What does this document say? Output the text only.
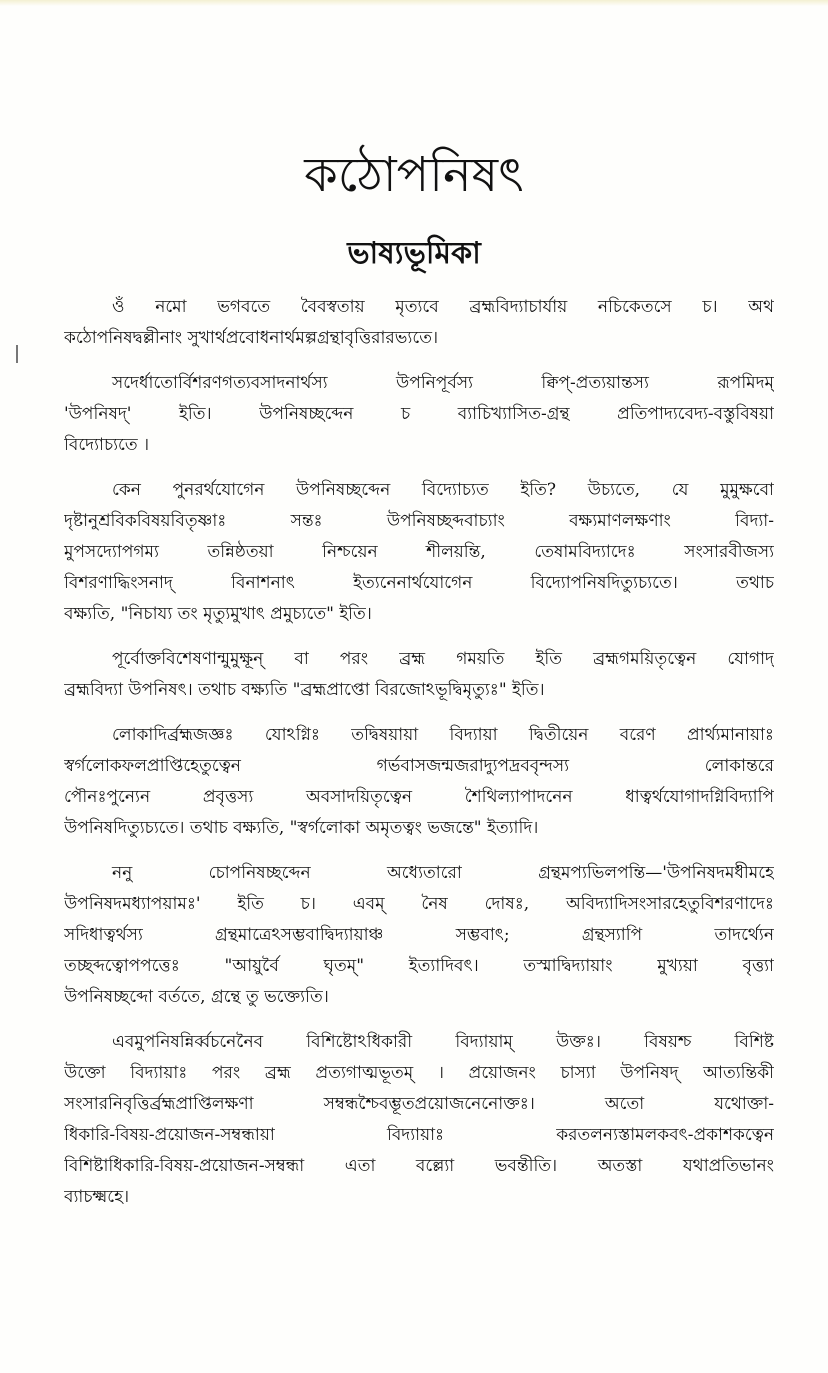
কঠোপনিষৎ
ভাষ্যভূমিকা

ওঁ নমো ভগবতে বৈবস্বতায় মৃত্যবে ব্রহ্মবিদ্যাচার্যায় নচিকেতসে চ। অথ
কঠোপনিষদ্বল্লীনাং সুখার্থপ্রবোধনার্থমল্পগ্রন্থাবৃত্তিরারভ্যতে।

সদের্ধাতোর্বিশরণগত্যবসাদনার্থস্য উপনিপূর্বস্য ক্বিপ্‌-প্রত্যয়ান্তস্য রূপমিদম্‌
'উপনিষদ্‌' ইতি। উপনিষচ্ছব্দেন চ ব্যাচিখ্যাসিত-গ্রন্থ প্রতিপাদ্যবেদ্য-বস্তুবিষয়া
বিদ্যোচ্যতে ।

কেন পুনরর্থযোগেন উপনিষচ্ছব্দেন বিদ্যোচ্যত ইতি? উচ্যতে, যে মুমুক্ষবো
দৃষ্টানুশ্রবিকবিষয়বিতৃষ্ণাঃ সন্তঃ উপনিষচ্ছব্দবাচ্যাং বক্ষ্যমাণলক্ষণাং বিদ্যা-
মুপসদ্যোপগম্য তন্নিষ্ঠতয়া নিশ্চয়েন শীলয়ন্তি, তেষামবিদ্যাদেঃ সংসারবীজস্য
বিশরণাদ্ধিংসনাদ্‌ বিনাশনাৎ ইত্যনেনার্থযোগেন বিদ্যোপনিষদিত্যুচ্যতে। তথাচ
বক্ষ্যতি, "নিচায্য তং মৃত্যুমুখাৎ প্রমুচ্যতে" ইতি।

পূর্বোক্তবিশেষণান্মুমুক্ষূন্‌ বা পরং ব্রহ্ম গময়তি ইতি ব্রহ্মগময়িতৃত্বেন যোগাদ্‌
ব্রহ্মবিদ্যা উপনিষৎ। তথাচ বক্ষ্যতি "ব্রহ্মপ্রাপ্তো বিরজোঽভূদ্বিমৃত্যুঃ" ইতি।

লোকাদির্ব্রহ্মজজ্ঞঃ যোঽগ্নিঃ তদ্বিষয়ায়া বিদ্যায়া দ্বিতীয়েন বরেণ প্রার্থ্যমানায়াঃ
স্বর্গলোকফলপ্রাপ্তিহেতুত্বেন গর্ভবাসজন্মজরাদ্যুপদ্রববৃন্দস্য লোকান্তরে
পৌনঃপুন্যেন প্রবৃত্তস্য অবসাদয়িতৃত্বেন শৈথিল্যাপাদনেন ধাত্বর্থযোগাদগ্নিবিদ্যাপি
উপনিষদিত্যুচ্যতে। তথাচ বক্ষ্যতি, "স্বর্গলোকা অমৃতত্বং ভজন্তে" ইত্যাদি।

ননু চোপনিষচ্ছব্দেন অধ্যেতারো গ্রন্থমপ্যভিলপন্তি—'উপনিষদমধীমহে
উপনিষদমধ্যাপয়ামঃ' ইতি চ। এবম্‌ নৈষ দোষঃ, অবিদ্যাদিসংসারহেতুবিশরণাদেঃ
সদিধাত্বর্থস্য গ্রন্থমাত্রেঽসম্ভবাদ্বিদ্যায়াঞ্চ সম্ভবাৎ; গ্রন্থস্যাপি তাদর্থ্যেন
তচ্ছব্দত্বোপপত্তেঃ "আয়ুর্বৈ ঘৃতম্‌" ইত্যাদিবৎ। তস্মাদ্বিদ্যায়াং মুখ্যয়া বৃত্ত্যা
উপনিষচ্ছব্দো বর্ততে, গ্রন্থে তু ভক্ত্যেতি।

এবমুপনিষন্নির্ব্বচনেনৈব বিশিষ্টোঽধিকারী বিদ্যায়াম্‌ উক্তঃ। বিষয়শ্চ বিশিষ্ট
উক্তো বিদ্যায়াঃ পরং ব্রহ্ম প্রত্যগাত্মভূতম্‌ । প্রয়োজনং চাস্যা উপনিষদ্‌ আত্যন্তিকী
সংসারনিবৃত্তির্ব্রহ্মপ্রাপ্তিলক্ষণা সম্বন্ধশ্চৈবম্ভূতপ্রয়োজনেনোক্তঃ। অতো যথোক্তা-
ধিকারি-বিষয়-প্রয়োজন-সম্বন্ধায়া বিদ্যায়াঃ করতলন্যস্তামলকবৎ-প্রকাশকত্বেন
বিশিষ্টাধিকারি-বিষয়-প্রয়োজন-সম্বন্ধা এতা বল্ল্যো ভবন্তীতি। অতস্তা যথাপ্রতিভানং
ব্যাচক্ষ্মহে।
